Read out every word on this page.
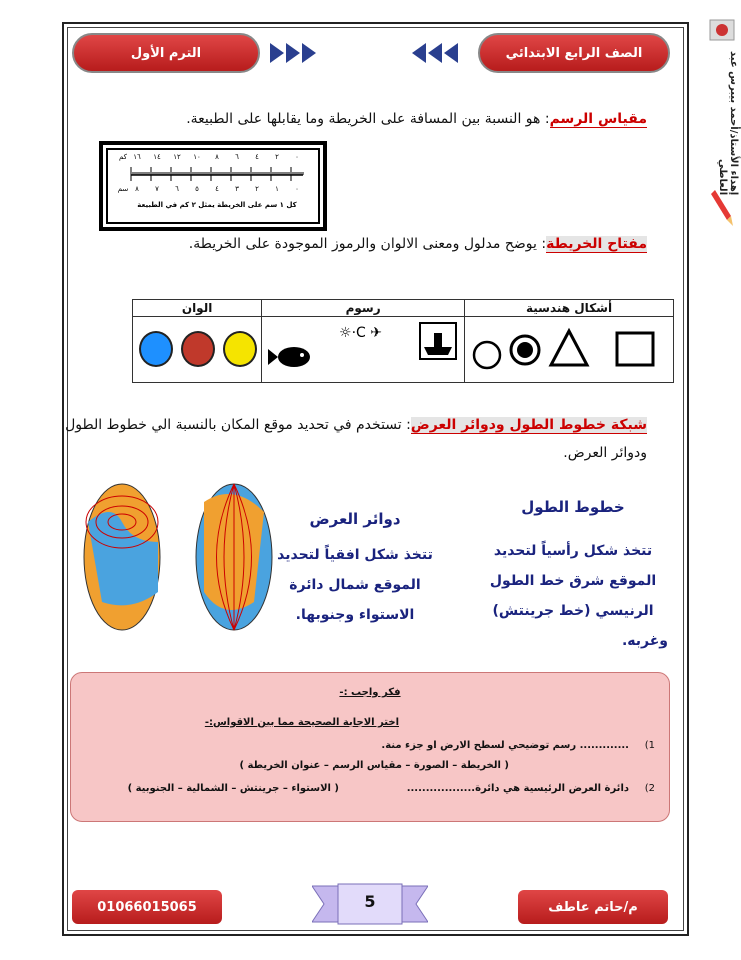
إهداء الأستاذ/أحمد بيبرس عبد العاطي
الصف الرابع الابتدائي
الترم الأول
مقياس الرسم: هو النسبة بين المسافة على الخريطة وما يقابلها على الطبيعة.
٠
٢
٤
٦
٨
١٠
١٢
١٤
١٦
كم
٠
١
٢
٣
٤
٥
٦
٧
٨
سم
كل ١ سم على الخريطة يمثل ٢ كم في الطبيعة
مفتاح الخريطة: يوضح مدلول ومعنى الالوان والرموز الموجودة على الخريطة.
أشكال هندسية	رسوم	الوان

✈ C·☼	

شبكة خطوط الطول ودوائر العرض: تستخدم في تحديد موقع المكان بالنسبة الي خطوط الطول
ودوائر العرض.
دوائر العرض
تتخذ شكل افقياً لتحديد
الموقع شمال دائرة
الاستواء وجنوبها.
خطوط الطول
تتخذ شكل رأسياً لتحديد
الموقع شرق خط الطول
الرنيسي (خط جرينتش)
وغربه.
فكر واجب :-
اختر الاجابة الصحيحة مما بين الاقواس:-
1)
............. رسم توضيحي لسطح الارض او جزء منة.
( الخريطة – الصورة – مقياس الرسم – عنوان الخريطة )
2)
دائرة العرض الرئيسية هي دائرة..................
( الاستواء – جرينتش – الشمالية – الجنوبية )
م/حاتم عاطف
5
01066015065
